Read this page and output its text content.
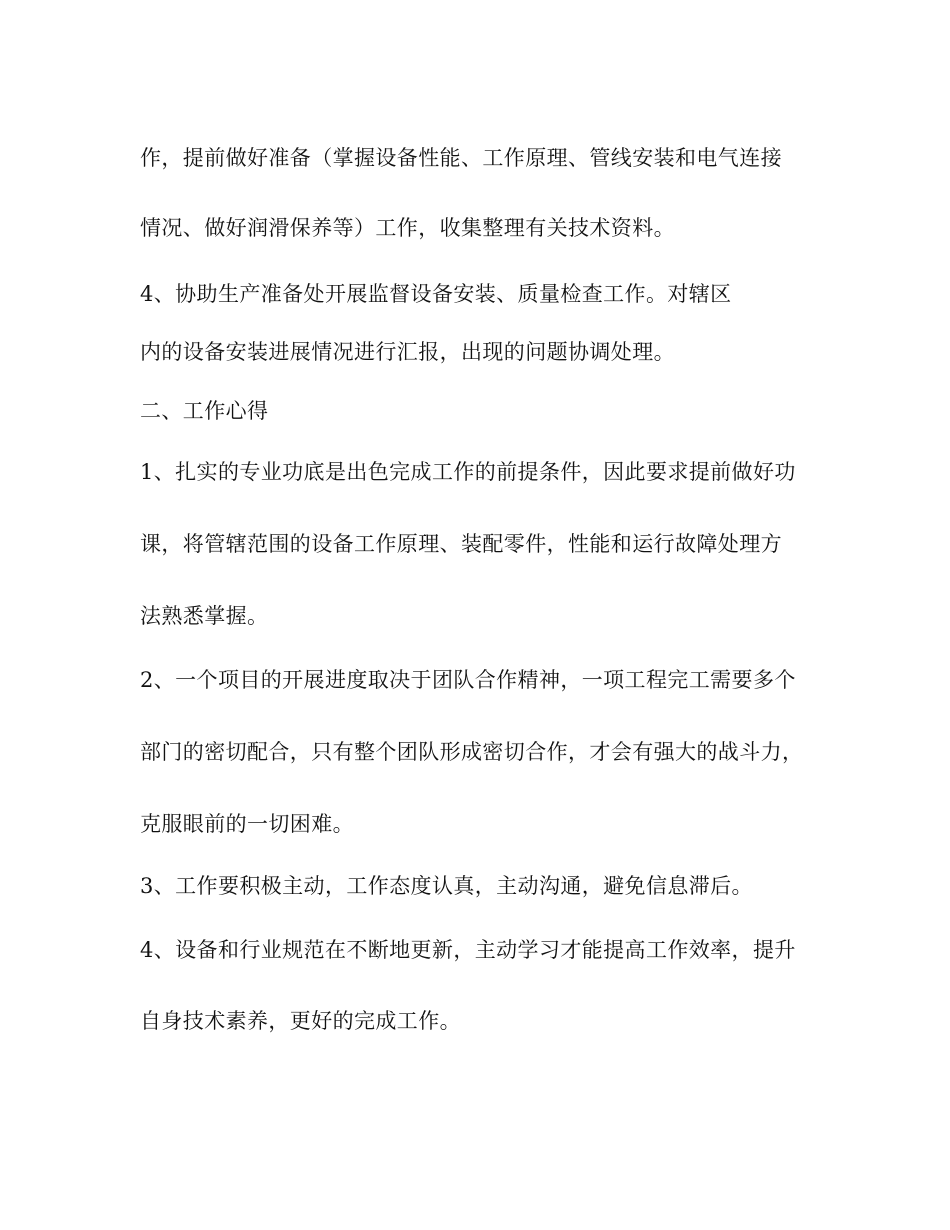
作，提前做好准备（掌握设备性能、工作原理、管线安装和电气连接
情况、做好润滑保养等）工作，收集整理有关技术资料。
4、协助生产准备处开展监督设备安装、质量检查工作。对辖区
内的设备安装进展情况进行汇报，出现的问题协调处理。
二、工作心得
1、扎实的专业功底是出色完成工作的前提条件，因此要求提前做好功
课，将管辖范围的设备工作原理、装配零件，性能和运行故障处理方
法熟悉掌握。
2、一个项目的开展进度取决于团队合作精神，一项工程完工需要多个
部门的密切配合，只有整个团队形成密切合作，才会有强大的战斗力，
克服眼前的一切困难。
3、工作要积极主动，工作态度认真，主动沟通，避免信息滞后。
4、设备和行业规范在不断地更新，主动学习才能提高工作效率，提升
自身技术素养，更好的完成工作。
